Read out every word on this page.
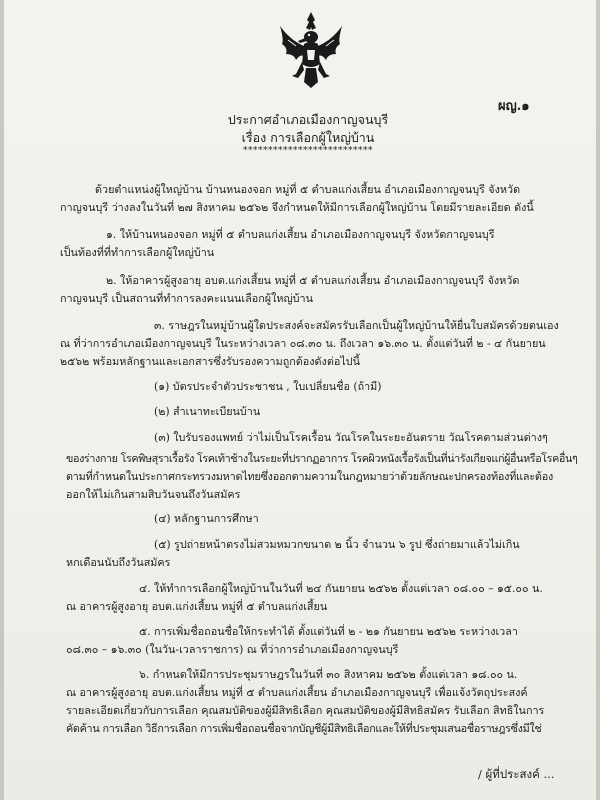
ผญ.๑
ประกาศอำเภอเมืองกาญจนบุรี
เรื่อง การเลือกผู้ใหญ่บ้าน
**************************
ด้วยตำแหน่งผู้ใหญ่บ้าน บ้านหนองจอก หมู่ที่ ๕ ตำบลแก่งเสี้ยน อำเภอเมืองกาญจนบุรี จังหวัด
กาญจนบุรี ว่างลงในวันที่ ๒๗ สิงหาคม ๒๕๖๒ จึงกำหนดให้มีการเลือกผู้ใหญ่บ้าน โดยมีรายละเอียด ดังนี้
๑. ให้บ้านหนองจอก หมู่ที่ ๕ ตำบลแก่งเสี้ยน อำเภอเมืองกาญจนบุรี จังหวัดกาญจนบุรี
เป็นท้องที่ที่ทำการเลือกผู้ใหญ่บ้าน
๒. ให้อาคารผู้สูงอายุ อบต.แก่งเสี้ยน หมู่ที่ ๕ ตำบลแก่งเสี้ยน อำเภอเมืองกาญจนบุรี จังหวัด
กาญจนบุรี เป็นสถานที่ทำการลงคะแนนเลือกผู้ใหญ่บ้าน
๓. ราษฎรในหมู่บ้านผู้ใดประสงค์จะสมัครรับเลือกเป็นผู้ใหญ่บ้านให้ยื่นใบสมัครด้วยตนเอง
ณ ที่ว่าการอำเภอเมืองกาญจนบุรี ในระหว่างเวลา ๐๘.๓๐ น. ถึงเวลา ๑๖.๓๐ น. ตั้งแต่วันที่ ๒ - ๔ กันยายน
๒๕๖๒ พร้อมหลักฐานและเอกสารซึ่งรับรองความถูกต้องดังต่อไปนี้
(๑) บัตรประจำตัวประชาชน , ใบเปลี่ยนชื่อ (ถ้ามี)
(๒) สำเนาทะเบียนบ้าน
(๓) ใบรับรองแพทย์ ว่าไม่เป็นโรคเรื้อน วัณโรคในระยะอันตราย วัณโรคตามส่วนต่างๆ
ของร่างกาย โรคพิษสุราเรื้อรัง โรคเท้าช้างในระยะที่ปรากฏอาการ โรคผิวหนังเรื้อรังเป็นที่น่ารังเกียจแก่ผู้อื่นหรือโรคอื่นๆ
ตามที่กำหนดในประกาศกระทรวงมหาดไทยซึ่งออกตามความในกฎหมายว่าด้วยลักษณะปกครองท้องที่และต้อง
ออกให้ไม่เกินสามสิบวันจนถึงวันสมัคร
(๔) หลักฐานการศึกษา
(๕) รูปถ่ายหน้าตรงไม่สวมหมวกขนาด ๒ นิ้ว จำนวน ๖ รูป ซึ่งถ่ายมาแล้วไม่เกิน
หกเดือนนับถึงวันสมัคร
๔. ให้ทำการเลือกผู้ใหญ่บ้านในวันที่ ๒๔ กันยายน ๒๕๖๒ ตั้งแต่เวลา ๐๘.๐๐ – ๑๕.๐๐ น.
ณ อาคารผู้สูงอายุ อบต.แก่งเสี้ยน หมู่ที่ ๕ ตำบลแก่งเสี้ยน
๕. การเพิ่มชื่อถอนชื่อให้กระทำได้ ตั้งแต่วันที่ ๒ - ๒๑ กันยายน ๒๕๖๒ ระหว่างเวลา
๐๘.๓๐ – ๑๖.๓๐ (ในวัน-เวลาราชการ) ณ ที่ว่าการอำเภอเมืองกาญจนบุรี
๖. กำหนดให้มีการประชุมราษฎรในวันที่ ๓๐ สิงหาคม ๒๕๖๒ ตั้งแต่เวลา ๑๘.๐๐ น.
ณ อาคารผู้สูงอายุ อบต.แก่งเสี้ยน หมู่ที่ ๕ ตำบลแก่งเสี้ยน อำเภอเมืองกาญจนบุรี เพื่อแจ้งวัตถุประสงค์
รายละเอียดเกี่ยวกับการเลือก คุณสมบัติของผู้มีสิทธิเลือก คุณสมบัติของผู้มีสิทธิสมัคร รับเลือก สิทธิในการ
คัดค้าน การเลือก วิธีการเลือก การเพิ่มชื่อถอนชื่อจากบัญชีผู้มีสิทธิเลือกและให้ที่ประชุมเสนอชื่อราษฎรซึ่งมีใช่
/ ผู้ที่ประสงค์ ...
